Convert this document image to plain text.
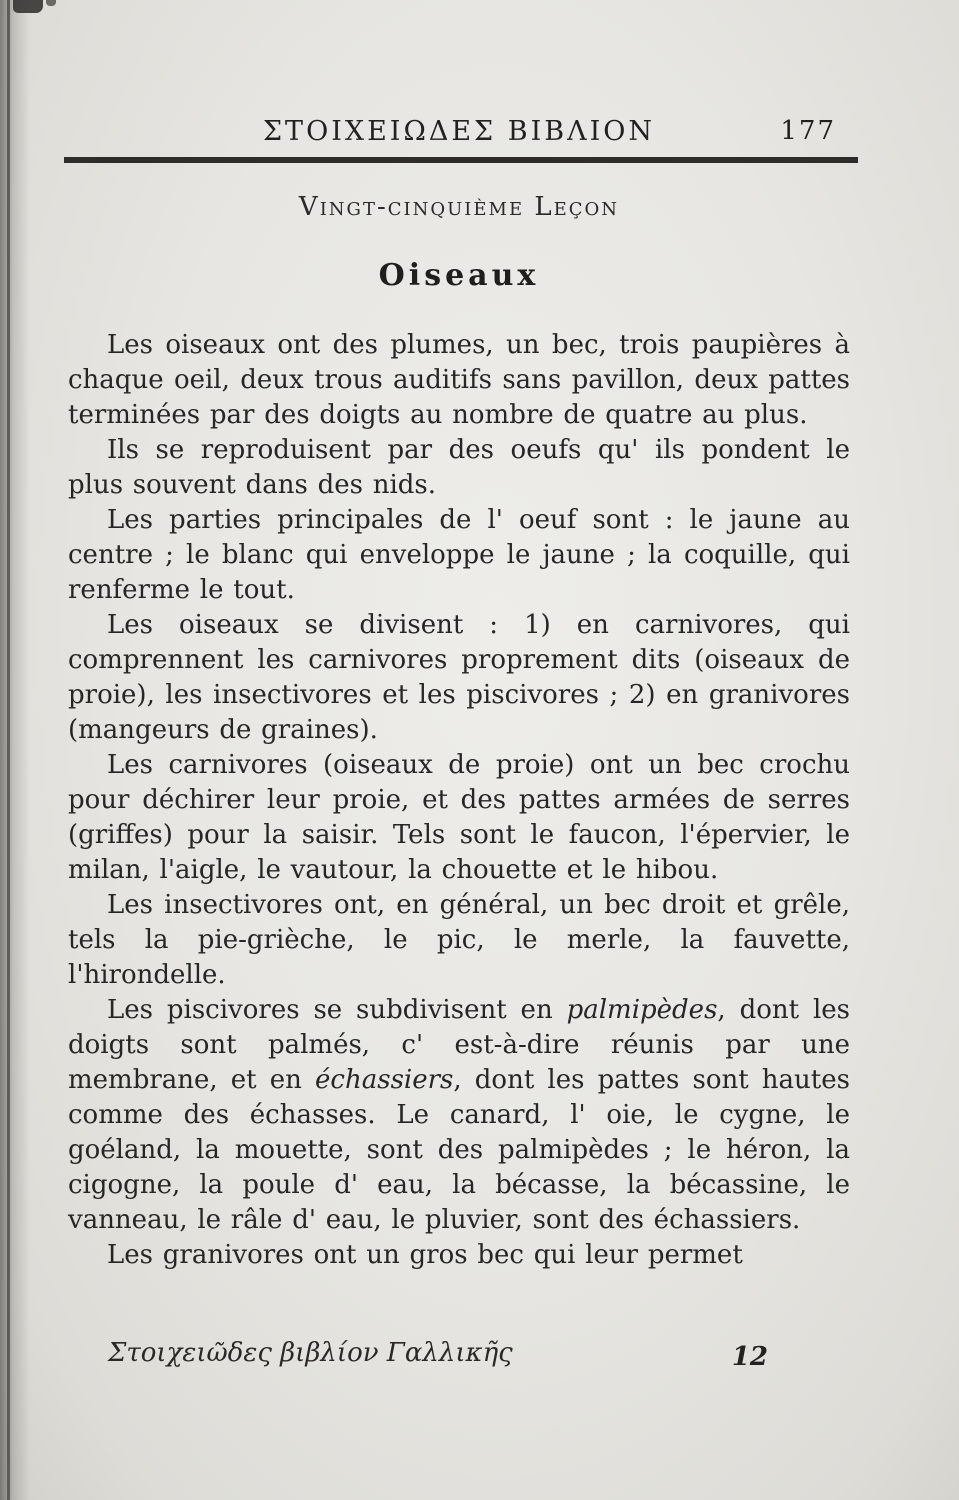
ΣΤΟΙΧΕΙΩΔΕΣ ΒΙΒΛΙΟΝ	177
Vingt-cinquième Leçon
Oiseaux

Les oiseaux ont des plumes, un bec, trois paupières à chaque oeil, deux trous auditifs sans pavillon, deux pattes terminées par des doigts au nombre de quatre au plus.

Ils se reproduisent par des oeufs qu' ils pondent le plus souvent dans des nids.

Les parties principales de l' oeuf sont : le jaune au centre ; le blanc qui enveloppe le jaune ; la coquille, qui renferme le tout.

Les oiseaux se divisent : 1) en carnivores, qui comprennent les carnivores proprement dits (oiseaux de proie), les insectivores et les piscivores ; 2) en granivores (mangeurs de graines).

Les carnivores (oiseaux de proie) ont un bec crochu pour déchirer leur proie, et des pattes armées de serres (griffes) pour la saisir. Tels sont le faucon, l'épervier, le milan, l'aigle, le vautour, la chouette et le hibou.

Les insectivores ont, en général, un bec droit et grêle, tels la pie-grièche, le pic, le merle, la fauvette, l'hirondelle.

Les piscivores se subdivisent en palmipèdes, dont les doigts sont palmés, c' est-à-dire réunis par une membrane, et en échassiers, dont les pattes sont hautes comme des échasses. Le canard, l' oie, le cygne, le goéland, la mouette, sont des palmipèdes ; le héron, la cigogne, la poule d' eau, la bécasse, la bécassine, le vanneau, le râle d' eau, le pluvier, sont des échassiers.

Les granivores ont un gros bec qui leur permet

Στοιχειῶδες βιβλίον Γαλλικῆς	12
